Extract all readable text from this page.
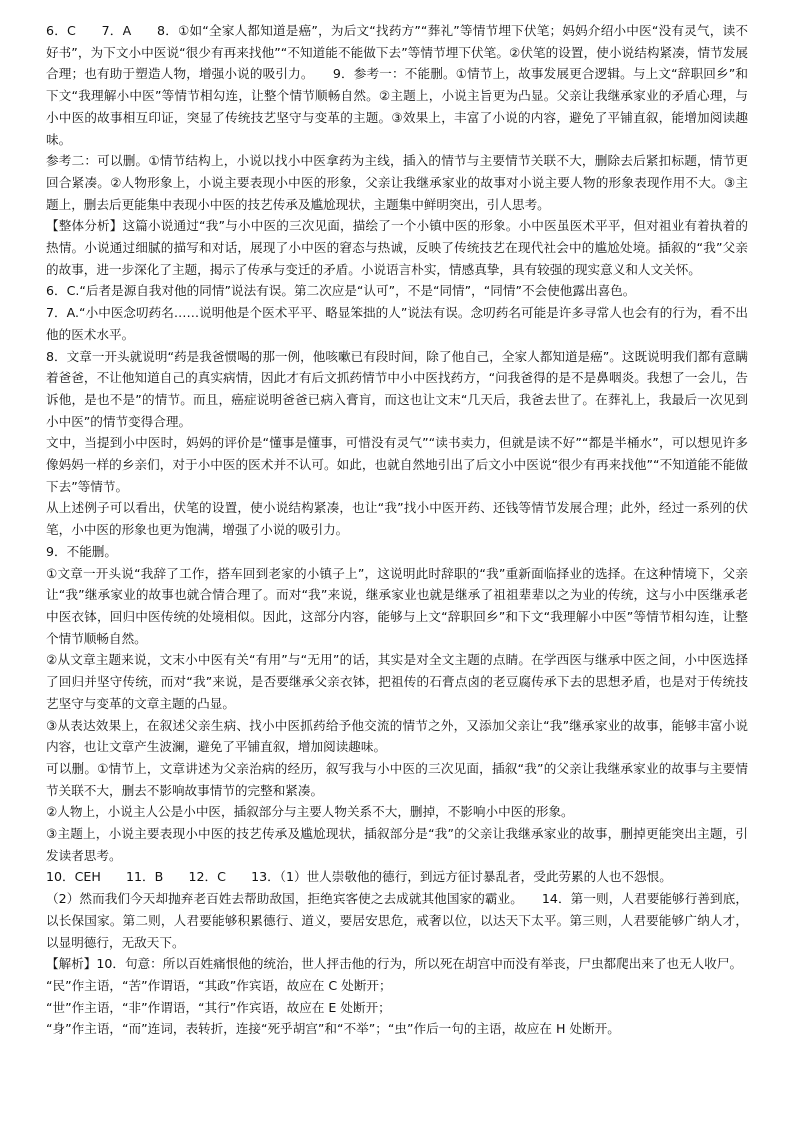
6．C　　7．A　　8．①如“全家人都知道是癌”，为后文“找药方”“葬礼”等情节埋下伏笔；妈妈介绍小中医“没有灵气，读不好书”，为下文小中医说“很少有再来找他”“不知道能不能做下去”等情节埋下伏笔。②伏笔的设置，使小说结构紧凑，情节发展合理；也有助于塑造人物，增强小说的吸引力。　　9．参考一：不能删。①情节上，故事发展更合逻辑。与上文“辞职回乡”和下文“我理解小中医”等情节相勾连，让整个情节顺畅自然。②主题上，小说主旨更为凸显。父亲让我继承家业的矛盾心理，与小中医的故事相互印证，突显了传统技艺坚守与变革的主题。③效果上，丰富了小说的内容，避免了平铺直叙，能增加阅读趣味。

参考二：可以删。①情节结构上，小说以找小中医拿药为主线，插入的情节与主要情节关联不大，删除去后紧扣标题，情节更回合紧凑。②人物形象上，小说主要表现小中医的形象，父亲让我继承家业的故事对小说主要人物的形象表现作用不大。③主题上，删去后更能集中表现小中医的技艺传承及尴尬现状，主题集中鲜明突出，引人思考。

【整体分析】这篇小说通过“我”与小中医的三次见面，描绘了一个小镇中医的形象。小中医虽医术平平，但对祖业有着执着的热情。小说通过细腻的描写和对话，展现了小中医的窘态与热诚，反映了传统技艺在现代社会中的尴尬处境。插叙的“我”父亲的故事，进一步深化了主题，揭示了传承与变迁的矛盾。小说语言朴实，情感真挚，具有较强的现实意义和人文关怀。

6．C.“后者是源自我对他的同情”说法有误。第二次应是“认可”，不是“同情”，“同情”不会使他露出喜色。

7．A.“小中医念叨药名……说明他是个医术平平、略显笨拙的人”说法有误。念叨药名可能是许多寻常人也会有的行为，看不出他的医术水平。

8．文章一开头就说明“药是我爸惯喝的那一例，他咳嗽已有段时间，除了他自己，全家人都知道是癌”。这既说明我们都有意瞒着爸爸，不让他知道自己的真实病情，因此才有后文抓药情节中小中医找药方，“问我爸得的是不是鼻咽炎。我想了一会儿，告诉他，是也不是”的情节。而且，癌症说明爸爸已病入膏肓，而这也让文末“几天后，我爸去世了。在葬礼上，我最后一次见到小中医”的情节变得合理。

文中，当提到小中医时，妈妈的评价是“懂事是懂事，可惜没有灵气”“读书卖力，但就是读不好”“都是半桶水”，可以想见许多像妈妈一样的乡亲们，对于小中医的医术并不认可。如此，也就自然地引出了后文小中医说“很少有再来找他”“不知道能不能做下去”等情节。

从上述例子可以看出，伏笔的设置，使小说结构紧凑，也让“我”找小中医开药、还钱等情节发展合理；此外，经过一系列的伏笔，小中医的形象也更为饱满，增强了小说的吸引力。

9．不能删。

①文章一开头说“我辞了工作，搭车回到老家的小镇子上”，这说明此时辞职的“我”重新面临择业的选择。在这种情境下，父亲让“我”继承家业的故事也就合情合理了。而对“我”来说，继承家业也就是继承了祖祖辈辈以之为业的传统，这与小中医继承老中医衣钵，回归中医传统的处境相似。因此，这部分内容，能够与上文“辞职回乡”和下文“我理解小中医”等情节相勾连，让整个情节顺畅自然。

②从文章主题来说，文末小中医有关“有用”与“无用”的话，其实是对全文主题的点睛。在学西医与继承中医之间，小中医选择了回归并坚守传统，而对“我”来说，是否要继承父亲衣钵，把祖传的石膏点卤的老豆腐传承下去的思想矛盾，也是对于传统技艺坚守与变革的文章主题的凸显。

③从表达效果上，在叙述父亲生病、找小中医抓药给予他交流的情节之外，又添加父亲让“我”继承家业的故事，能够丰富小说内容，也让文章产生波澜，避免了平铺直叙，增加阅读趣味。

可以删。①情节上，文章讲述为父亲治病的经历，叙写我与小中医的三次见面，插叙“我”的父亲让我继承家业的故事与主要情节关联不大，删去不影响故事情节的完整和紧凑。

②人物上，小说主人公是小中医，插叙部分与主要人物关系不大，删掉，不影响小中医的形象。

③主题上，小说主要表现小中医的技艺传承及尴尬现状，插叙部分是“我”的父亲让我继承家业的故事，删掉更能突出主题，引发读者思考。

10．CEH　　11．B　　12．C　　13．（1）世人崇敬他的德行，到远方征讨暴乱者，受此劳累的人也不怨恨。

（2）然而我们今天却抛弃老百姓去帮助敌国，拒绝宾客使之去成就其他国家的霸业。　　14．第一则，人君要能够行善到底，以长保国家。第二则，人君要能够积累德行、道义，要居安思危，戒奢以位，以达天下太平。第三则，人君要能够广纳人才，以显明德行，无敌天下。

【解析】10．句意：所以百姓痛恨他的统治，世人抨击他的行为，所以死在胡宫中而没有举丧，尸虫都爬出来了也无人收尸。

“民”作主语，“苦”作谓语，“其政”作宾语，故应在 C 处断开；

“世”作主语，“非”作谓语，“其行”作宾语，故应在 E 处断开；

“身”作主语，“而”连词，表转折，连接“死乎胡宫”和“不举”；“虫”作后一句的主语，故应在 H 处断开。
